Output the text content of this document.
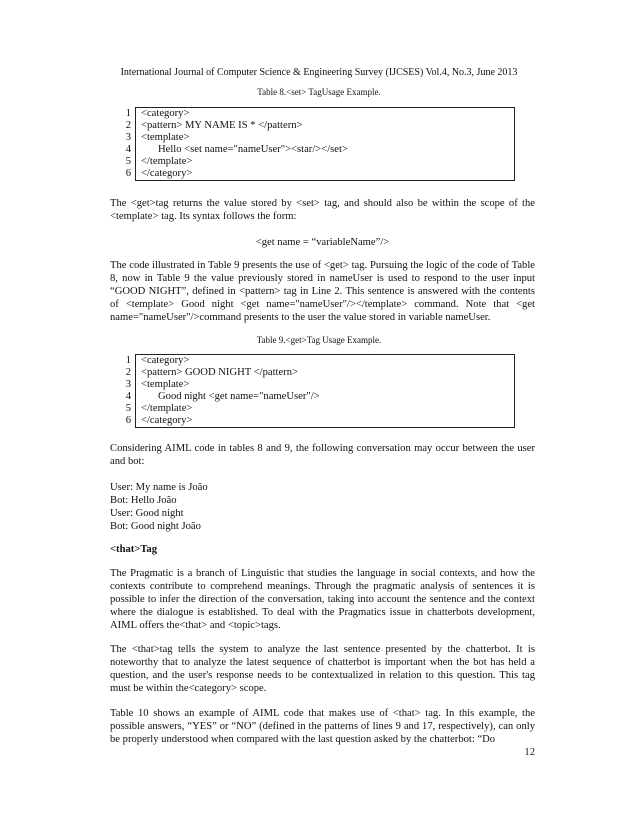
International Journal of Computer Science & Engineering Survey (IJCSES) Vol.4, No.3, June 2013
Table 8.<set> TagUsage Example.
1	<category>
2	<pattern> MY NAME IS * </pattern>
3	<template>
4	Hello <set name="nameUser"><star/></set>
5	</template>
6	</category>
The <get>tag returns the value stored by <set> tag, and should also be within the scope of the <template> tag. Its syntax follows the form:
<get name = “variableName”/>
The code illustrated in Table 9 presents the use of <get> tag. Pursuing the logic of the code of Table 8, now in Table 9 the value previously stored in nameUser is used to respond to the user input “GOOD NIGHT”, defined in <pattern> tag in Line 2. This sentence is answered with the contents of <template> Good night <get name="nameUser"/></template> command. Note that <get name="nameUser"/>command presents to the user the value stored in variable nameUser.
Table 9.<get>Tag Usage Example.
1	<category>
2	<pattern> GOOD NIGHT </pattern>
3	<template>
4	Good night <get name="nameUser"/>
5	</template>
6	</category>
Considering AIML code in tables 8 and 9, the following conversation may occur between the user and bot:
User: My name is João
Bot: Hello João
User: Good night
Bot: Good night João
<that>Tag
The Pragmatic is a branch of Linguistic that studies the language in social contexts, and how the contexts contribute to comprehend meanings. Through the pragmatic analysis of sentences it is possible to infer the direction of the conversation, taking into account the sentence and the context where the dialogue is established. To deal with the Pragmatics issue in chatterbots development, AIML offers the<that> and <topic>tags.
The <that>tag tells the system to analyze the last sentence presented by the chatterbot. It is noteworthy that to analyze the latest sequence of chatterbot is important when the bot has held a question, and the user's response needs to be contextualized in relation to this question. This tag must be within the<category> scope.
Table 10 shows an example of AIML code that makes use of <that> tag. In this example, the possible answers, “YES” or “NO” (defined in the patterns of lines 9 and 17, respectively), can only be properly understood when compared with the last question asked by the chatterbot: “Do
12
